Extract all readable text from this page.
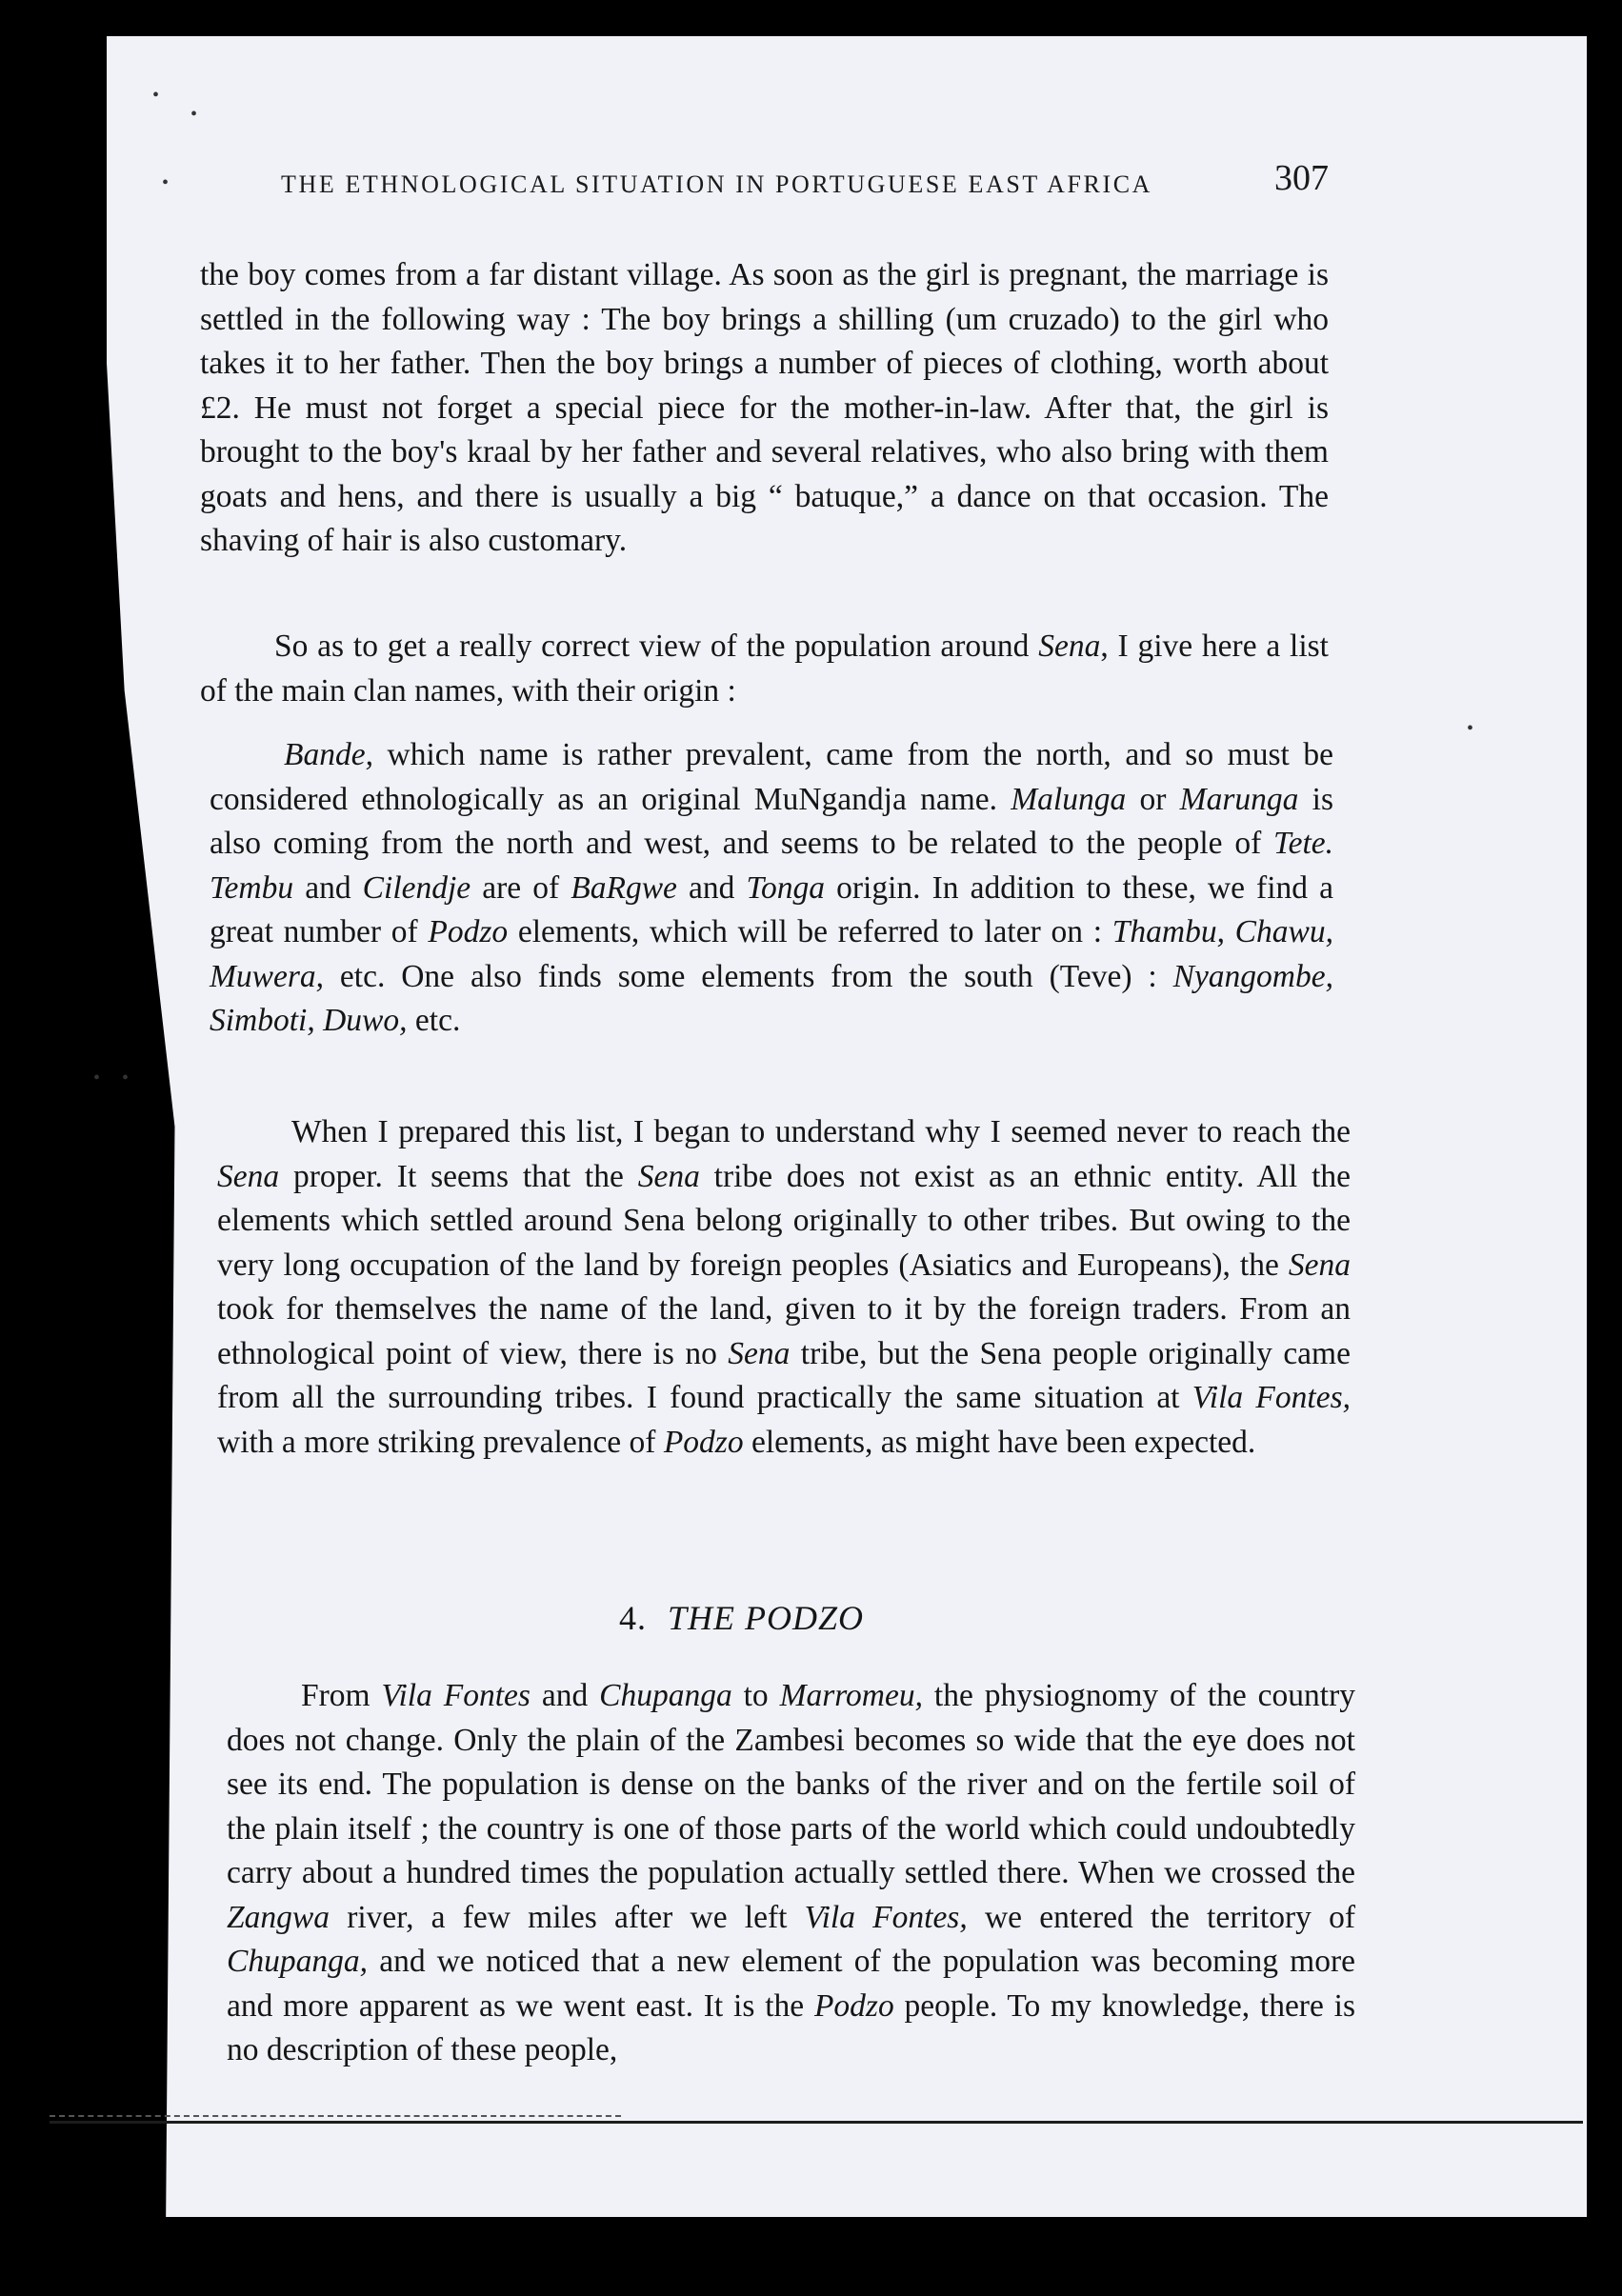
•
•
•
•
• •
THE ETHNOLOGICAL SITUATION IN PORTUGUESE EAST AFRICA	307

the boy comes from a far distant village. As soon as the girl is pregnant, the marriage is settled in the following way : The boy brings a shilling (um cruzado) to the girl who takes it to her father. Then the boy brings a number of pieces of clothing, worth about £2. He must not forget a special piece for the mother-in-law. After that, the girl is brought to the boy's kraal by her father and several relatives, who also bring with them goats and hens, and there is usually a big “ batuque,” a dance on that occasion. The shaving of hair is also customary.

So as to get a really correct view of the population around Sena, I give here a list of the main clan names, with their origin :

Bande, which name is rather prevalent, came from the north, and so must be considered ethnologically as an original MuNgandja name. Malunga or Marunga is also coming from the north and west, and seems to be related to the people of Tete. Tembu and Cilendje are of BaRgwe and Tonga origin. In addition to these, we find a great number of Podzo elements, which will be referred to later on : Thambu, Chawu, Muwera, etc. One also finds some elements from the south (Teve) : Nyangombe, Simboti, Duwo, etc.

When I prepared this list, I began to understand why I seemed never to reach the Sena proper. It seems that the Sena tribe does not exist as an ethnic entity. All the elements which settled around Sena belong originally to other tribes. But owing to the very long occupation of the land by foreign peoples (Asiatics and Europeans), the Sena took for themselves the name of the land, given to it by the foreign traders. From an ethnological point of view, there is no Sena tribe, but the Sena people originally came from all the surrounding tribes. I found practically the same situation at Vila Fontes, with a more striking prevalence of Podzo elements, as might have been expected.

4. THE PODZO

From Vila Fontes and Chupanga to Marromeu, the physiognomy of the country does not change. Only the plain of the Zambesi becomes so wide that the eye does not see its end. The population is dense on the banks of the river and on the fertile soil of the plain itself ; the country is one of those parts of the world which could undoubtedly carry about a hundred times the population actually settled there. When we crossed the Zangwa river, a few miles after we left Vila Fontes, we entered the territory of Chupanga, and we noticed that a new element of the population was becoming more and more apparent as we went east. It is the Podzo people. To my knowledge, there is no description of these people,
